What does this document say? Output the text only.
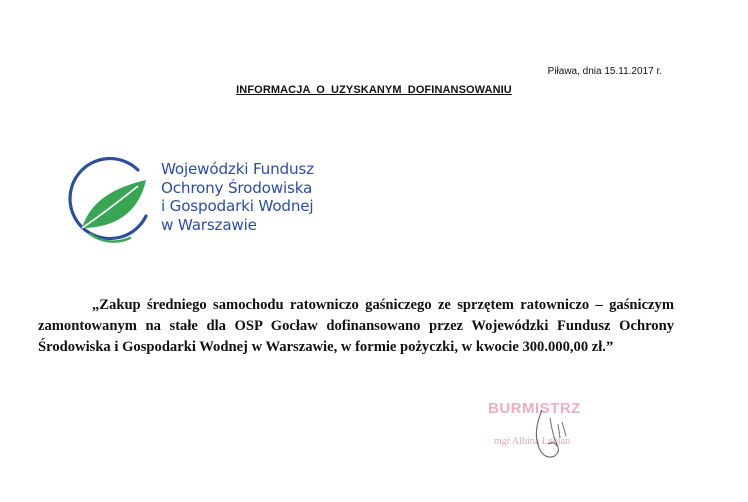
Piława, dnia 15.11.2017 r.
INFORMACJA O UZYSKANYM DOFINANSOWANIU
Wojewódzki Fundusz
Ochrony Środowiska
i Gospodarki Wodnej
w Warszawie
„Zakup średniego samochodu ratowniczo gaśniczego ze sprzętem ratowniczo – gaśniczym zamontowanym na stałe dla OSP Gocław dofinansowano przez Wojewódzki Fundusz Ochrony Środowiska i Gospodarki Wodnej w Warszawie, w formie pożyczki, w kwocie 300.000,00 zł.”
BURMISTRZ
mgr Albina Łubian
